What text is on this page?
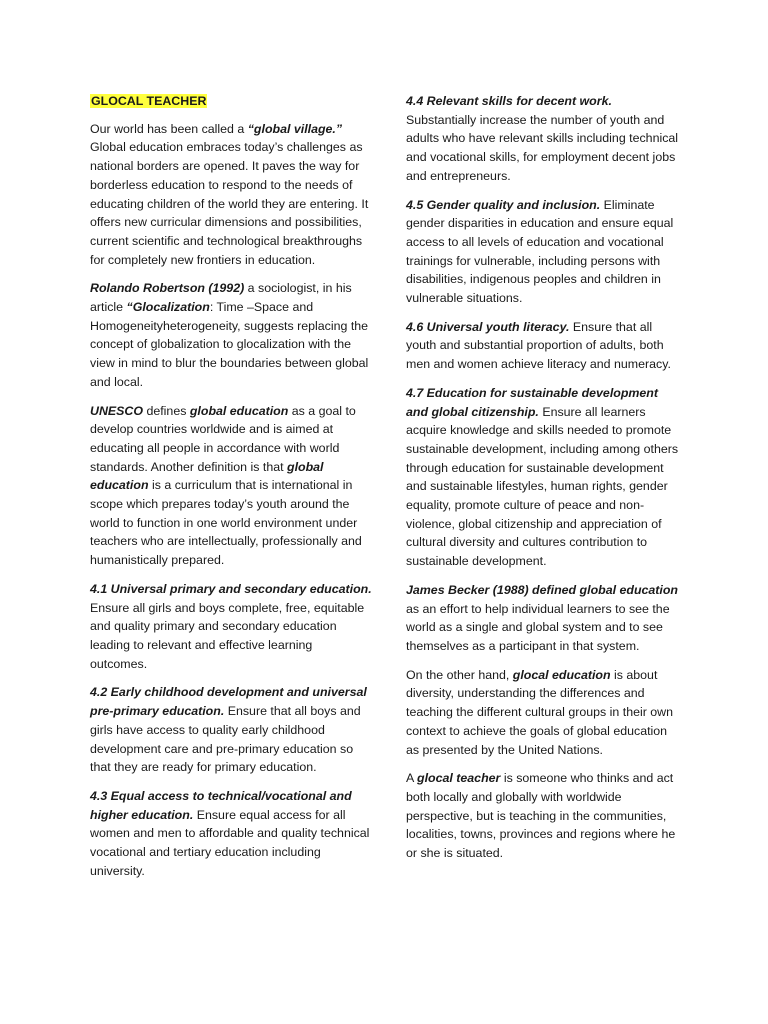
GLOCAL TEACHER

Our world has been called a “global village.” Global education embraces today’s challenges as national borders are opened. It paves the way for borderless education to respond to the needs of educating children of the world they are entering. It offers new curricular dimensions and possibilities, current scientific and technological breakthroughs for completely new frontiers in education.

Rolando Robertson (1992) a sociologist, in his article “Glocalization: Time –Space and Homogeneityheterogeneity, suggests replacing the concept of globalization to glocalization with the view in mind to blur the boundaries between global and local.

UNESCO defines global education as a goal to develop countries worldwide and is aimed at educating all people in accordance with world standards. Another definition is that global education is a curriculum that is international in scope which prepares today’s youth around the world to function in one world environment under teachers who are intellectually, professionally and humanistically prepared.

4.1 Universal primary and secondary education. Ensure all girls and boys complete, free, equitable and quality primary and secondary education leading to relevant and effective learning outcomes.

4.2 Early childhood development and universal pre-primary education. Ensure that all boys and girls have access to quality early childhood development care and pre-primary education so that they are ready for primary education.

4.3 Equal access to technical/vocational and higher education. Ensure equal access for all women and men to affordable and quality technical vocational and tertiary education including university.

4.4 Relevant skills for decent work. Substantially increase the number of youth and adults who have relevant skills including technical and vocational skills, for employment decent jobs and entrepreneurs.

4.5 Gender quality and inclusion. Eliminate gender disparities in education and ensure equal access to all levels of education and vocational trainings for vulnerable, including persons with disabilities, indigenous peoples and children in vulnerable situations.

4.6 Universal youth literacy. Ensure that all youth and substantial proportion of adults, both men and women achieve literacy and numeracy.

4.7 Education for sustainable development and global citizenship. Ensure all learners acquire knowledge and skills needed to promote sustainable development, including among others through education for sustainable development and sustainable lifestyles, human rights, gender equality, promote culture of peace and non- violence, global citizenship and appreciation of cultural diversity and cultures contribution to sustainable development.

James Becker (1988) defined global education as an effort to help individual learners to see the world as a single and global system and to see themselves as a participant in that system.

On the other hand, glocal education is about diversity, understanding the differences and teaching the different cultural groups in their own context to achieve the goals of global education as presented by the United Nations.

A glocal teacher is someone who thinks and act both locally and globally with worldwide perspective, but is teaching in the communities, localities, towns, provinces and regions where he or she is situated.
